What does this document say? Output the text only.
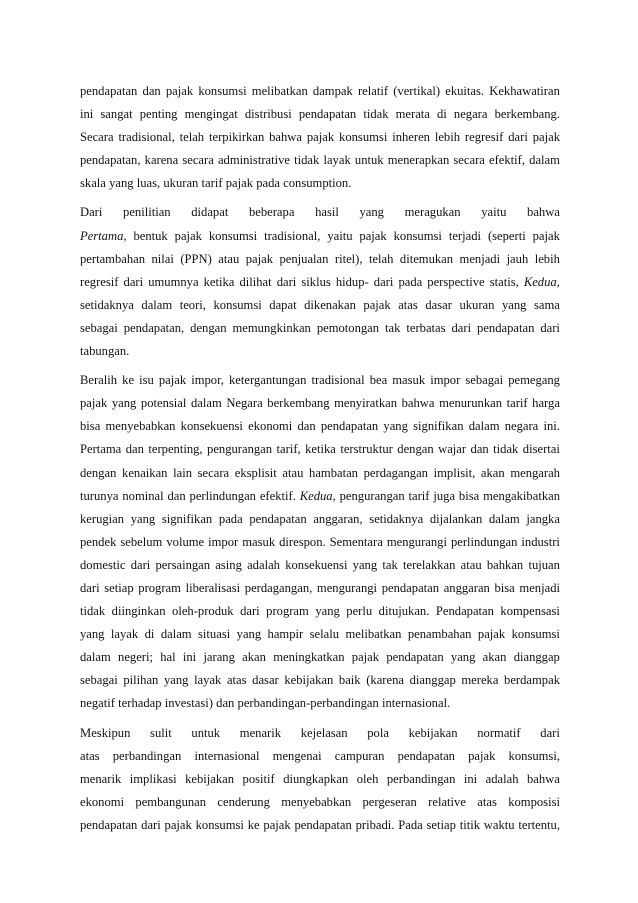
pendapatan dan pajak konsumsi melibatkan dampak relatif (vertikal) ekuitas. Kekhawatiran
ini sangat penting mengingat distribusi pendapatan tidak merata di negara berkembang.
Secara tradisional, telah terpikirkan bahwa pajak konsumsi inheren lebih regresif dari pajak
pendapatan, karena secara administrative tidak layak untuk menerapkan secara efektif, dalam
skala yang luas, ukuran tarif pajak pada consumption.
Dari penilitian didapat beberapa hasil yang meragukan yaitu bahwa
Pertama, bentuk pajak konsumsi tradisional, yaitu pajak konsumsi terjadi (seperti pajak
pertambahan nilai (PPN) atau pajak penjualan ritel), telah ditemukan menjadi jauh lebih
regresif dari umumnya ketika dilihat dari siklus hidup- dari pada perspective statis, Kedua,
setidaknya dalam teori, konsumsi dapat dikenakan pajak atas dasar ukuran yang sama
sebagai pendapatan, dengan memungkinkan pemotongan tak terbatas dari pendapatan dari
tabungan.
Beralih ke isu pajak impor, ketergantungan tradisional bea masuk impor sebagai pemegang
pajak yang potensial dalam Negara berkembang menyiratkan bahwa menurunkan tarif harga
bisa menyebabkan konsekuensi ekonomi dan pendapatan yang signifikan dalam negara ini.
Pertama dan terpenting, pengurangan tarif, ketika terstruktur dengan wajar dan tidak disertai
dengan kenaikan lain secara eksplisit atau hambatan perdagangan implisit, akan mengarah
turunya nominal dan perlindungan efektif. Kedua, pengurangan tarif juga bisa mengakibatkan
kerugian yang signifikan pada pendapatan anggaran, setidaknya dijalankan dalam jangka
pendek sebelum volume impor masuk direspon. Sementara mengurangi perlindungan industri
domestic dari persaingan asing adalah konsekuensi yang tak terelakkan atau bahkan tujuan
dari setiap program liberalisasi perdagangan, mengurangi pendapatan anggaran bisa menjadi
tidak diinginkan oleh-produk dari program yang perlu ditujukan. Pendapatan kompensasi
yang layak di dalam situasi yang hampir selalu melibatkan penambahan pajak konsumsi
dalam negeri; hal ini jarang akan meningkatkan pajak pendapatan yang akan dianggap
sebagai pilihan yang layak atas dasar kebijakan baik (karena dianggap mereka berdampak
negatif terhadap investasi) dan perbandingan-perbandingan internasional.
Meskipun sulit untuk menarik kejelasan pola kebijakan normatif dari
atas perbandingan internasional mengenai campuran pendapatan pajak konsumsi,
menarik implikasi kebijakan positif diungkapkan oleh perbandingan ini adalah bahwa
ekonomi pembangunan cenderung menyebabkan pergeseran relative atas komposisi
pendapatan dari pajak konsumsi ke pajak pendapatan pribadi. Pada setiap titik waktu tertentu,
